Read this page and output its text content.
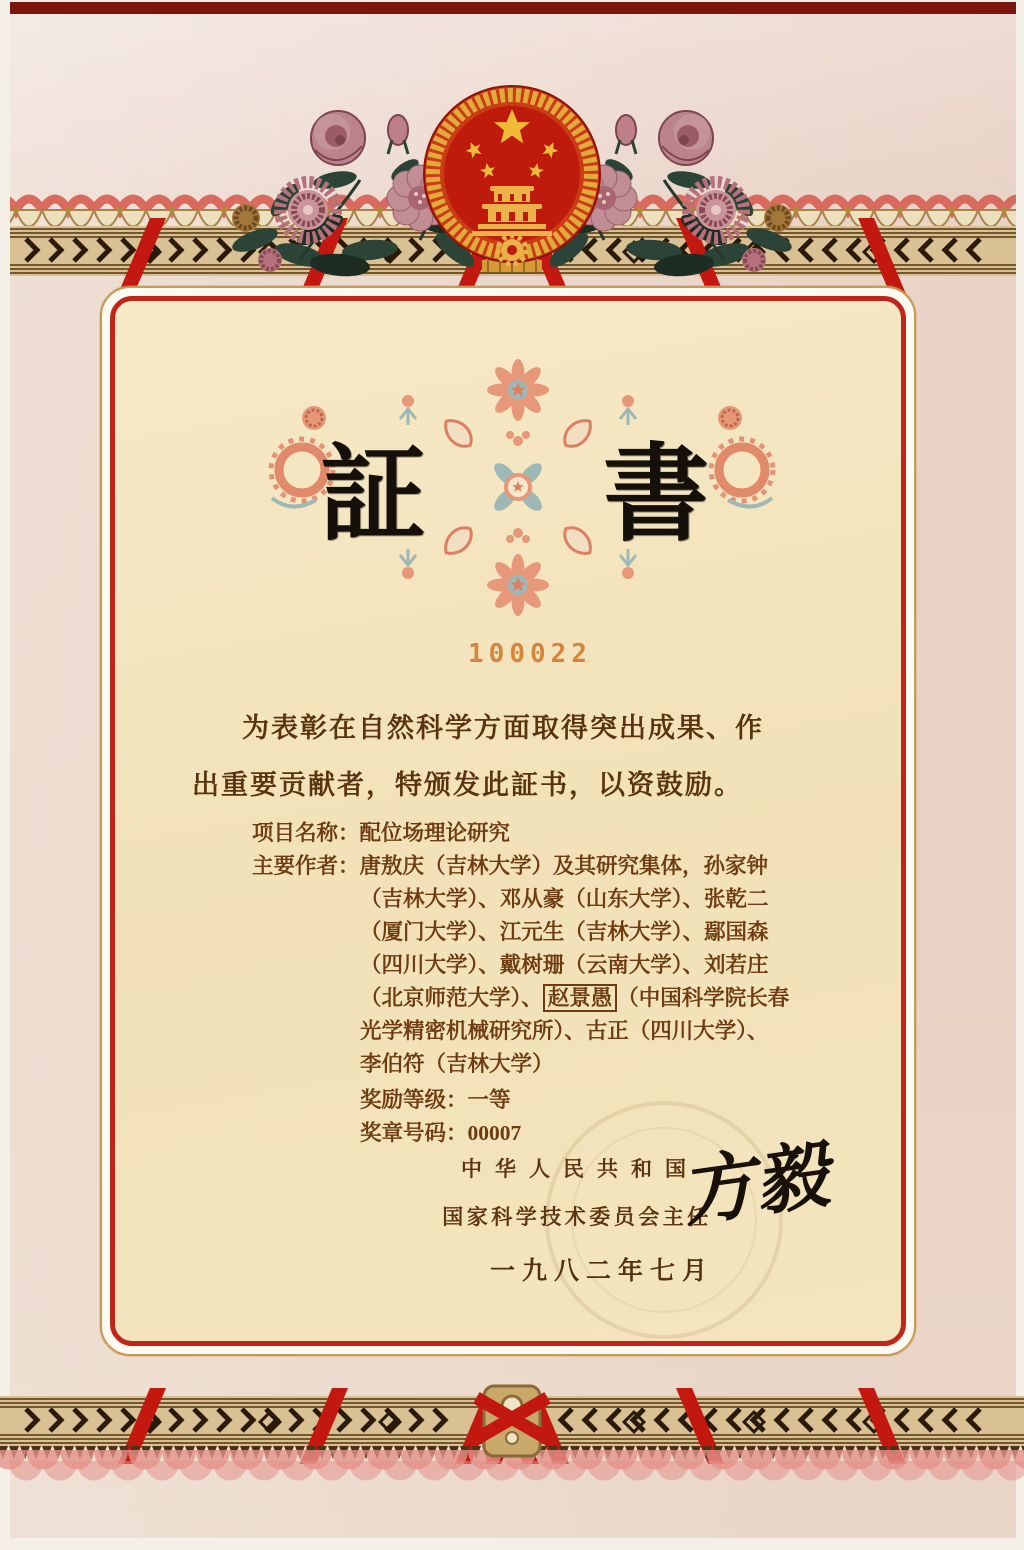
証 書
100022
为表彰在自然科学方面取得突出成果、作
出重要贡献者，特颁发此証书，以资鼓励。
项目名称：配位场理论研究
主要作者：唐敖庆（吉林大学）及其研究集体，孙家钟
（吉林大学）、邓从豪（山东大学）、张乾二
（厦门大学）、江元生（吉林大学）、鄢国森
（四川大学）、戴树珊（云南大学）、刘若庄
（北京师范大学）、 赵景愚 （中国科学院长春
光学精密机械研究所）、古正（四川大学）、
李伯符（吉林大学）
奖励等级：一等
奖章号码：00007
中华人民共和国
国家科学技术委员会主任
方毅
一九八二年七月
